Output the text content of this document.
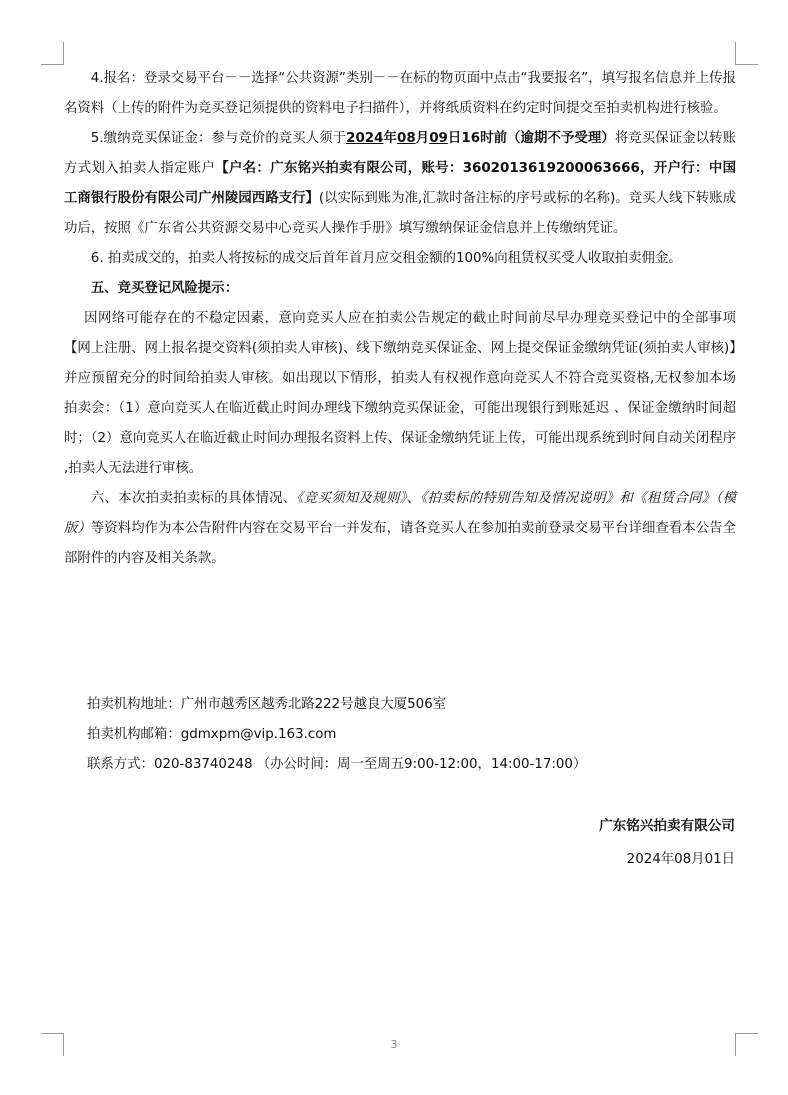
4.报名：登录交易平台－－选择“公共资源”类别－－在标的物页面中点击“我要报名”，填写报名信息并上传报名资料（上传的附件为竞买登记须提供的资料电子扫描件），并将纸质资料在约定时间提交至拍卖机构进行核验。

5.缴纳竞买保证金：参与竞价的竞买人须于2024年08月09日16时前（逾期不予受理）将竞买保证金以转账方式划入拍卖人指定账户【户名：广东铭兴拍卖有限公司，账号：3602013619200063666，开户行：中国工商银行股份有限公司广州陵园西路支行】(以实际到账为准,汇款时备注标的序号或标的名称)。竞买人线下转账成功后，按照《广东省公共资源交易中心竞买人操作手册》填写缴纳保证金信息并上传缴纳凭证。

6. 拍卖成交的，拍卖人将按标的成交后首年首月应交租金额的100%向租赁权买受人收取拍卖佣金。

五、竞买登记风险提示：

因网络可能存在的不稳定因素，意向竞买人应在拍卖公告规定的截止时间前尽早办理竞买登记中的全部事项【网上注册、网上报名提交资料(须拍卖人审核)、线下缴纳竞买保证金、网上提交保证金缴纳凭证(须拍卖人审核)】并应预留充分的时间给拍卖人审核。如出现以下情形，拍卖人有权视作意向竞买人不符合竞买资格,无权参加本场拍卖会：（1）意向竞买人在临近截止时间办理线下缴纳竞买保证金，可能出现银行到账延迟 、保证金缴纳时间超时；（2）意向竞买人在临近截止时间办理报名资料上传、保证金缴纳凭证上传，可能出现系统到时间自动关闭程序 ,拍卖人无法进行审核。

六、本次拍卖拍卖标的具体情况、《竞买须知及规则》、《拍卖标的特别告知及情况说明》和《租赁合同》（模版）等资料均作为本公告附件内容在交易平台一并发布，请各竞买人在参加拍卖前登录交易平台详细查看本公告全部附件的内容及相关条款。

拍卖机构地址：广州市越秀区越秀北路222号越良大厦506室
拍卖机构邮箱：gdmxpm@vip.163.com
联系方式：020-83740248 （办公时间：周一至周五9:00-12:00，14:00-17:00）
广东铭兴拍卖有限公司
2024年08月01日
3
